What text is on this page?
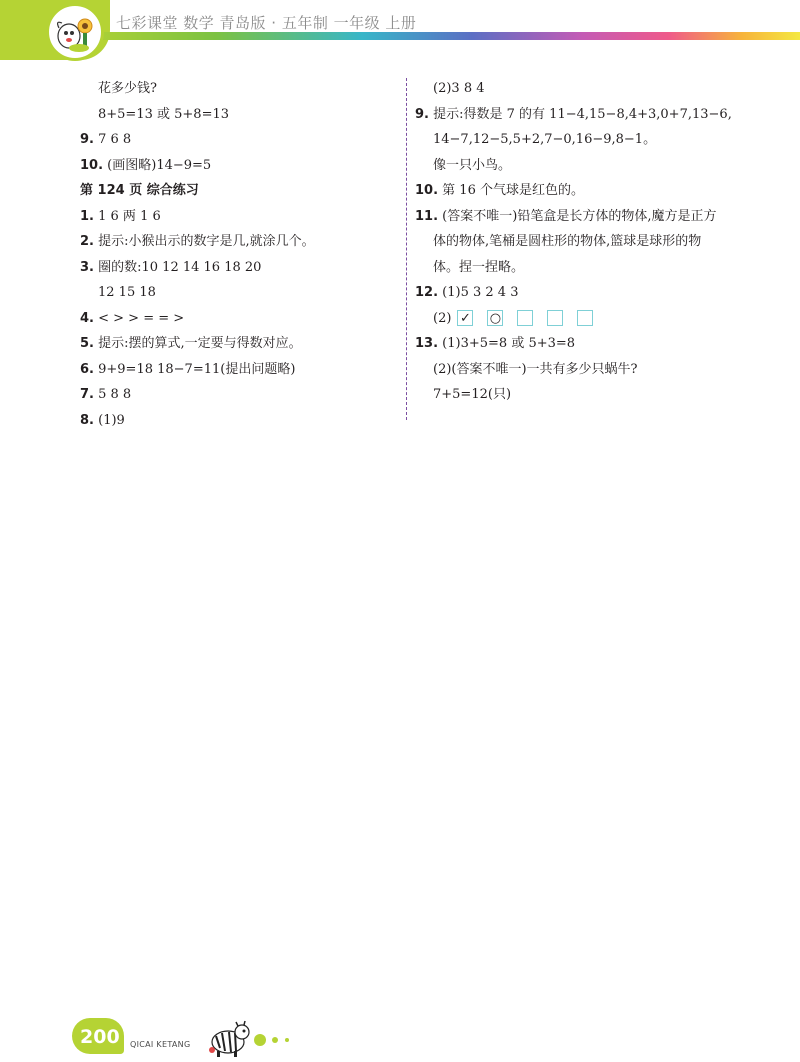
七彩课堂 数学 青岛版 · 五年制 一年级 上册
花多少钱?
8+5=13 或 5+8=13
9. 7 6 8
10. (画图略)14−9=5
第 124 页 综合练习
1. 1 6 两 1 6
2. 提示:小猴出示的数字是几,就涂几个。
3. 圈的数:10 12 14 16 18 20
12 15 18
4. < > > = = >
5. 提示:摆的算式,一定要与得数对应。
6. 9+9=18 18−7=11(提出问题略)
7. 5 8 8
8. (1)9
(2)3 8 4
9. 提示:得数是 7 的有 11−4,15−8,4+3,0+7,13−6,
14−7,12−5,5+2,7−0,16−9,8−1。
像一只小鸟。
10. 第 16 个气球是红色的。
11. (答案不唯一)铅笔盒是长方体的物体,魔方是正方
体的物体,笔桶是圆柱形的物体,篮球是球形的物
体。捏一捏略。
12. (1)5 3 2 4 3
(2) ✓ ○
13. (1)3+5=8 或 5+3=8
(2)(答案不唯一)一共有多少只蜗牛?
7+5=12(只)
200 QICAI KETANG
